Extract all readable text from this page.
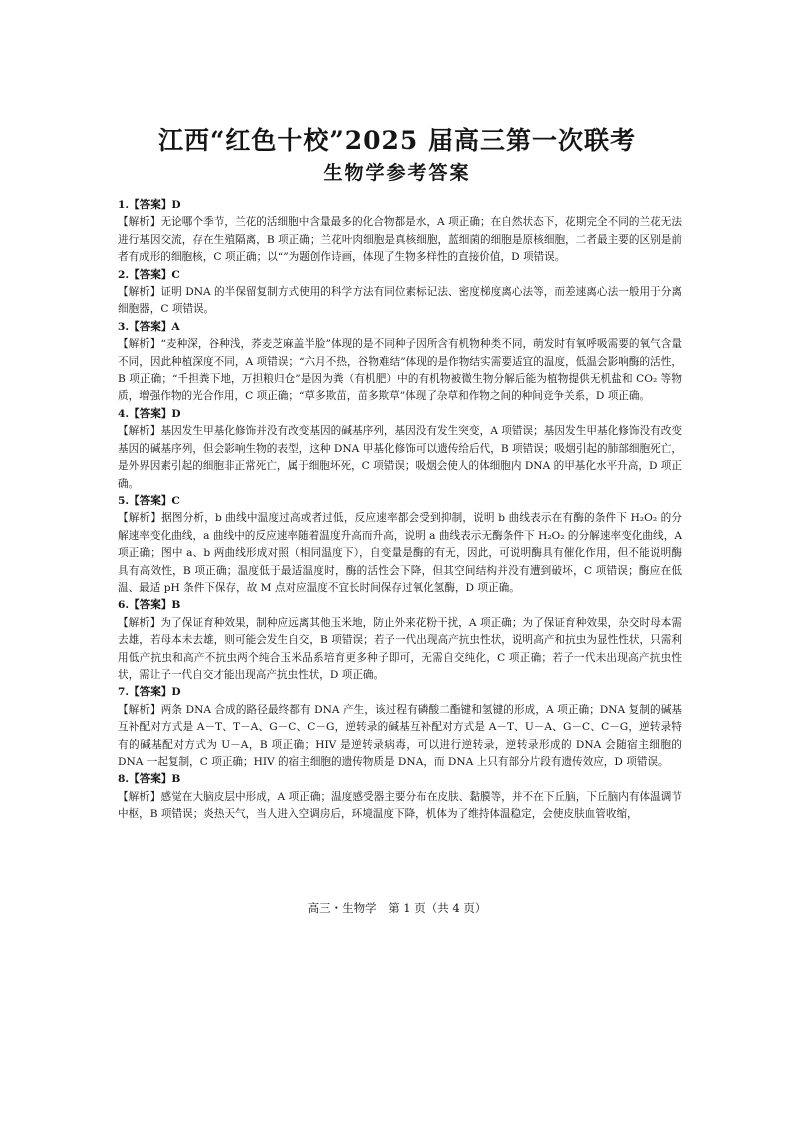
江西“红色十校”2025 届高三第一次联考
生物学参考答案
1.【答案】D
【解析】无论哪个季节，兰花的活细胞中含量最多的化合物都是水，A 项正确；在自然状态下，花期完全不同的兰花无法进行基因交流，存在生殖隔离，B 项正确；兰花叶肉细胞是真核细胞，蓝细菌的细胞是原核细胞，二者最主要的区别是前者有成形的细胞核，C 项正确；以“”为题创作诗画，体现了生物多样性的直接价值，D 项错误。
2.【答案】C
【解析】证明 DNA 的半保留复制方式使用的科学方法有同位素标记法、密度梯度离心法等，而差速离心法一般用于分离细胞器，C 项错误。
3.【答案】A
【解析】“麦种深，谷种浅，荞麦芝麻盖半脸”体现的是不同种子因所含有机物种类不同，萌发时有氧呼吸需要的氧气含量不同，因此种植深度不同，A 项错误；“六月不热，谷物难结”体现的是作物结实需要适宜的温度，低温会影响酶的活性，B 项正确；“千担粪下地，万担粮归仓”是因为粪（有机肥）中的有机物被微生物分解后能为植物提供无机盐和 CO₂ 等物质，增强作物的光合作用，C 项正确；“草多欺苗，苗多欺草”体现了杂草和作物之间的种间竞争关系，D 项正确。
4.【答案】D
【解析】基因发生甲基化修饰并没有改变基因的碱基序列，基因没有发生突变，A 项错误；基因发生甲基化修饰没有改变基因的碱基序列，但会影响生物的表型，这种 DNA 甲基化修饰可以遗传给后代，B 项错误；吸烟引起的肺部细胞死亡，是外界因素引起的细胞非正常死亡，属于细胞坏死，C 项错误；吸烟会使人的体细胞内 DNA 的甲基化水平升高，D 项正确。
5.【答案】C
【解析】据图分析，b 曲线中温度过高或者过低，反应速率都会受到抑制，说明 b 曲线表示在有酶的条件下 H₂O₂ 的分解速率变化曲线，a 曲线中的反应速率随着温度升高而升高，说明 a 曲线表示无酶条件下 H₂O₂ 的分解速率变化曲线，A 项正确；图中 a、b 两曲线形成对照（相同温度下），自变量是酶的有无，因此，可说明酶具有催化作用，但不能说明酶具有高效性，B 项正确；温度低于最适温度时，酶的活性会下降，但其空间结构并没有遭到破坏，C 项错误；酶应在低温、最适 pH 条件下保存，故 M 点对应温度不宜长时间保存过氧化氢酶，D 项正确。
6.【答案】B
【解析】为了保证育种效果，制种应远离其他玉米地，防止外来花粉干扰，A 项正确；为了保证育种效果，杂交时母本需去雄，若母本未去雄，则可能会发生自交，B 项错误；若子一代出现高产抗虫性状，说明高产和抗虫为显性性状，只需利用低产抗虫和高产不抗虫两个纯合玉米品系培育更多种子即可，无需自交纯化，C 项正确；若子一代未出现高产抗虫性状，需让子一代自交才能出现高产抗虫性状，D 项正确。
7.【答案】D
【解析】两条 DNA 合成的路径最终都有 DNA 产生，该过程有磷酸二酯键和氢键的形成，A 项正确；DNA 复制的碱基互补配对方式是 A－T、T－A、G－C、C－G，逆转录的碱基互补配对方式是 A－T、U－A、G－C、C－G，逆转录特有的碱基配对方式为 U－A，B 项正确；HIV 是逆转录病毒，可以进行逆转录，逆转录形成的 DNA 会随宿主细胞的 DNA 一起复制，C 项正确；HIV 的宿主细胞的遗传物质是 DNA，而 DNA 上只有部分片段有遗传效应，D 项错误。
8.【答案】B
【解析】感觉在大脑皮层中形成，A 项正确；温度感受器主要分布在皮肤、黏膜等，并不在下丘脑，下丘脑内有体温调节中枢，B 项错误；炎热天气，当人进入空调房后，环境温度下降，机体为了维持体温稳定，会使皮肤血管收缩，
高三・生物学　第 1 页（共 4 页）
